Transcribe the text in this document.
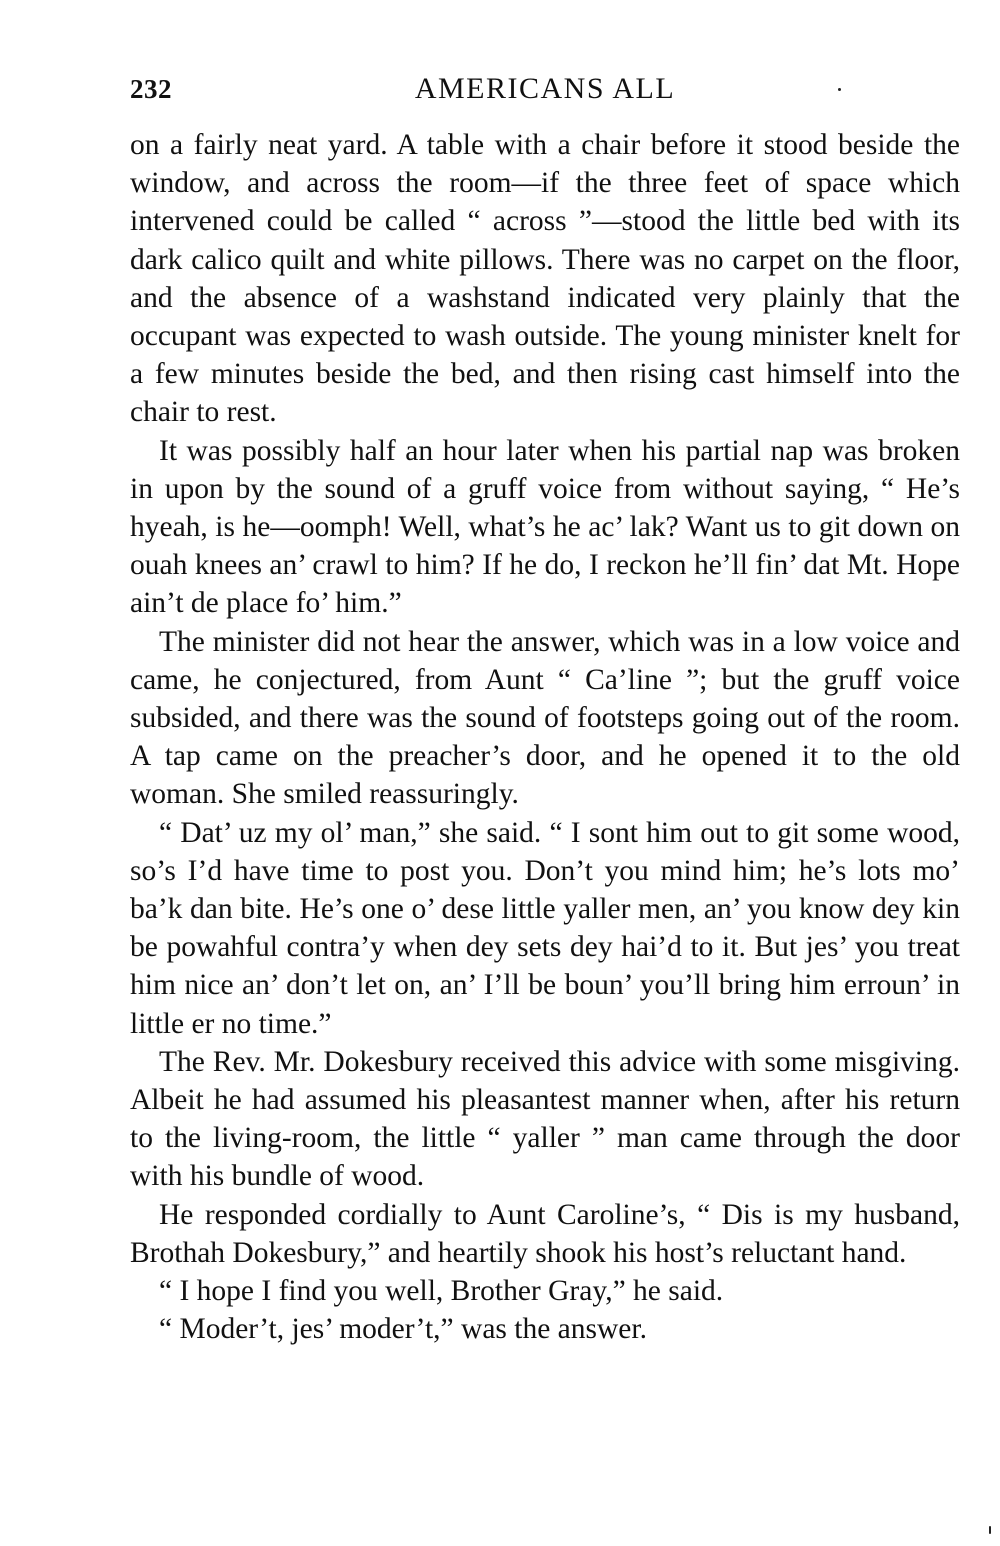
232	AMERICANS ALL

on a fairly neat yard. A table with a chair before it stood beside the window, and across the room—if the three feet of space which intervened could be called “ across ”—stood the little bed with its dark calico quilt and white pillows. There was no carpet on the floor, and the absence of a washstand indicated very plainly that the occupant was expected to wash outside. The young minister knelt for a few minutes beside the bed, and then rising cast himself into the chair to rest.

It was possibly half an hour later when his partial nap was broken in upon by the sound of a gruff voice from without saying, “ He’s hyeah, is he—oomph! Well, what’s he ac’ lak? Want us to git down on ouah knees an’ crawl to him? If he do, I reckon he’ll fin’ dat Mt. Hope ain’t de place fo’ him.”

The minister did not hear the answer, which was in a low voice and came, he conjectured, from Aunt “ Ca’line ”; but the gruff voice subsided, and there was the sound of footsteps going out of the room. A tap came on the preacher’s door, and he opened it to the old woman. She smiled reassuringly.

“ Dat’ uz my ol’ man,” she said. “ I sont him out to git some wood, so’s I’d have time to post you. Don’t you mind him; he’s lots mo’ ba’k dan bite. He’s one o’ dese little yaller men, an’ you know dey kin be powahful contra’y when dey sets dey hai’d to it. But jes’ you treat him nice an’ don’t let on, an’ I’ll be boun’ you’ll bring him erroun’ in little er no time.”

The Rev. Mr. Dokesbury received this advice with some misgiving. Albeit he had assumed his pleasantest manner when, after his return to the living-room, the little “ yaller ” man came through the door with his bundle of wood.

He responded cordially to Aunt Caroline’s, “ Dis is my husband, Brothah Dokesbury,” and heartily shook his host’s reluctant hand.

“ I hope I find you well, Brother Gray,” he said.

“ Moder’t, jes’ moder’t,” was the answer.
